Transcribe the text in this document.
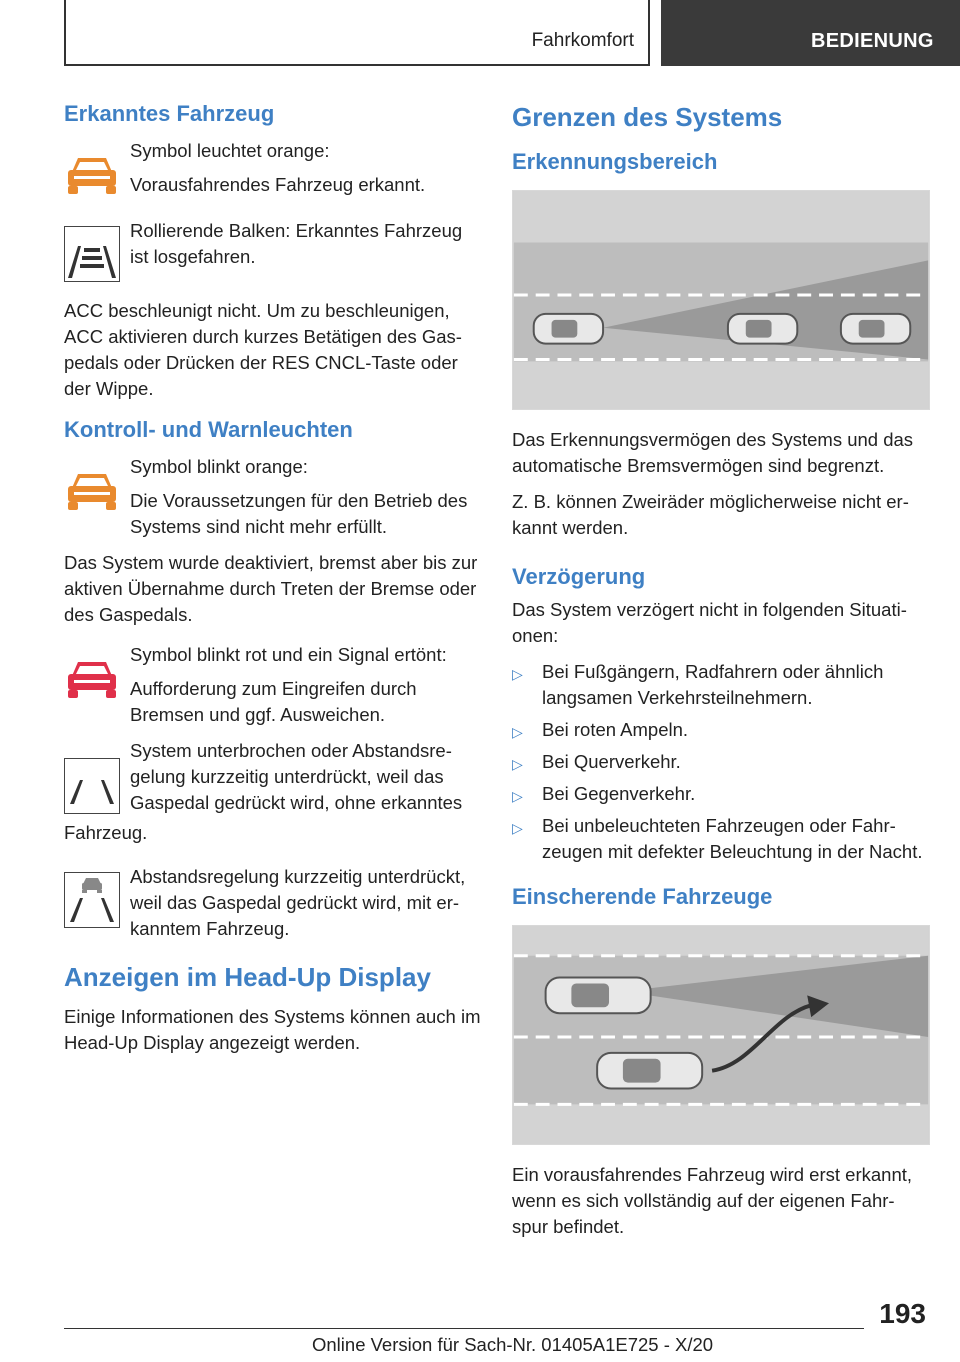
Fahrkomfort	BEDIENUNG
Erkanntes Fahrzeug

Symbol leuchtet orange:

Vorausfahrendes Fahrzeug erkannt.

Rollierende Balken: Erkanntes Fahrzeug ist losgefahren.

ACC beschleunigt nicht. Um zu beschleunigen, ACC aktivieren durch kurzes Betätigen des Gas‐pedals oder Drücken der RES CNCL-Taste oder der Wippe.

Kontroll- und Warnleuchten

Symbol blinkt orange:

Die Voraussetzungen für den Betrieb des Systems sind nicht mehr erfüllt.

Das System wurde deaktiviert, bremst aber bis zur aktiven Übernahme durch Treten der Bremse oder des Gaspedals.

Symbol blinkt rot und ein Signal ertönt:

Aufforderung zum Eingreifen durch Bremsen und ggf. Ausweichen.

System unterbrochen oder Abstandsre‐gelung kurzzeitig unterdrückt, weil das Gaspedal gedrückt wird, ohne erkanntes

Fahrzeug.

Abstandsregelung kurzzeitig unterdrückt, weil das Gaspedal gedrückt wird, mit er‐kanntem Fahrzeug.

Anzeigen im Head-Up Display

Einige Informationen des Systems können auch im Head-Up Display angezeigt werden.

Grenzen des Systems
Erkennungsbereich

Das Erkennungsvermögen des Systems und das automatische Bremsvermögen sind begrenzt.

Z. B. können Zweiräder möglicherweise nicht er‐kannt werden.

Verzögerung

Das System verzögert nicht in folgenden Situati‐onen:

▷ Bei Fußgängern, Radfahrern oder ähnlich langsamen Verkehrsteilnehmern.
▷ Bei roten Ampeln.
▷ Bei Querverkehr.
▷ Bei Gegenverkehr.
▷ Bei unbeleuchteten Fahrzeugen oder Fahr‐zeugen mit defekter Beleuchtung in der Nacht.
Einscherende Fahrzeuge

Ein vorausfahrendes Fahrzeug wird erst erkannt, wenn es sich vollständig auf der eigenen Fahr‐spur befindet.

193
Online Version für Sach-Nr. 01405A1E725 - X/20
